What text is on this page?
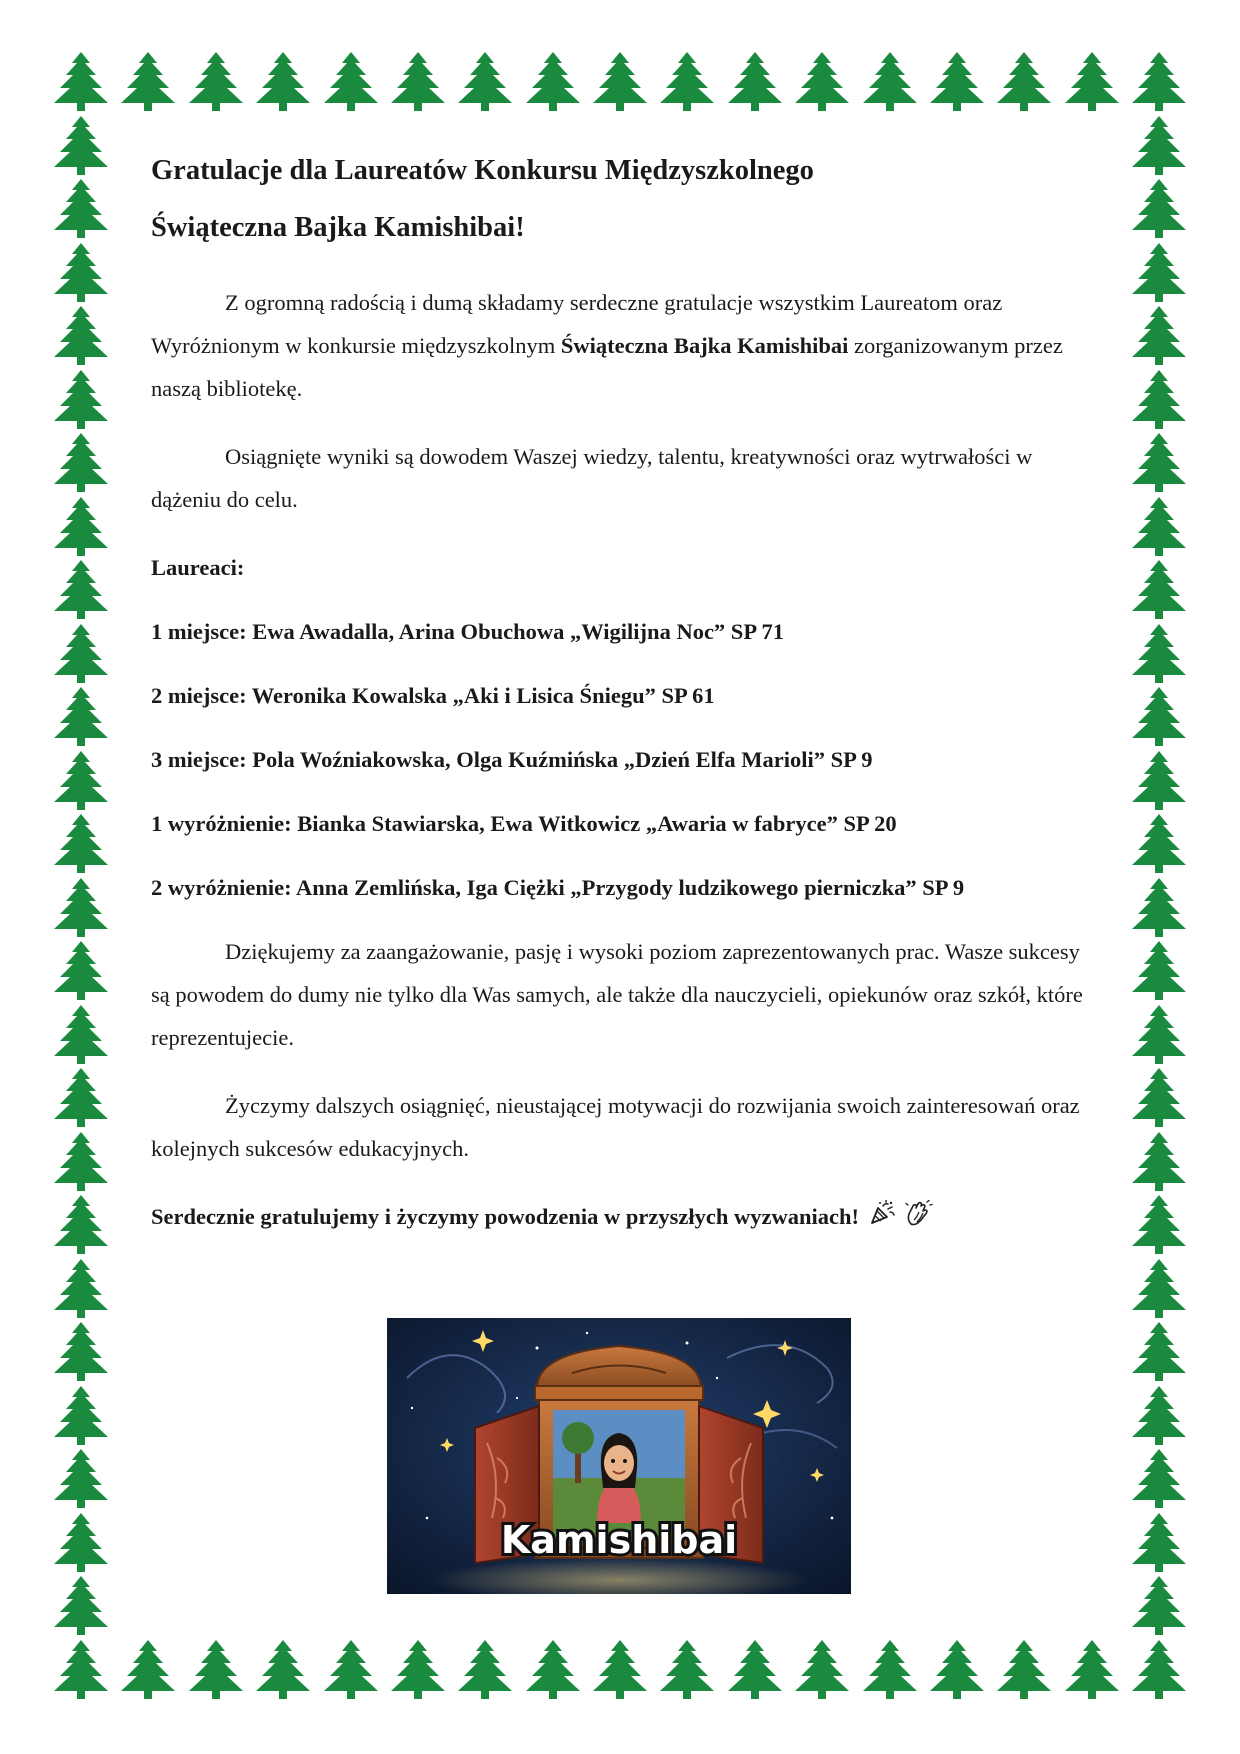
Gratulacje dla Laureatów Konkursu Międzyszkolnego
Świąteczna Bajka Kamishibai!

Z ogromną radością i dumą składamy serdeczne gratulacje wszystkim Laureatom oraz Wyróżnionym w konkursie międzyszkolnym Świąteczna Bajka Kamishibai zorganizowanym przez naszą bibliotekę.

Osiągnięte wyniki są dowodem Waszej wiedzy, talentu, kreatywności oraz wytrwałości w dążeniu do celu.

Laureaci:

1 miejsce: Ewa Awadalla, Arina Obuchowa „Wigilijna Noc” SP 71

2 miejsce: Weronika Kowalska „Aki i Lisica Śniegu” SP 61

3 miejsce: Pola Woźniakowska, Olga Kuźmińska „Dzień Elfa Marioli” SP 9

1 wyróżnienie: Bianka Stawiarska, Ewa Witkowicz „Awaria w fabryce” SP 20

2 wyróżnienie: Anna Zemlińska, Iga Ciężki „Przygody ludzikowego pierniczka” SP 9

Dziękujemy za zaangażowanie, pasję i wysoki poziom zaprezentowanych prac. Wasze sukcesy są powodem do dumy nie tylko dla Was samych, ale także dla nauczycieli, opiekunów oraz szkół, które reprezentujecie.

Życzymy dalszych osiągnięć, nieustającej motywacji do rozwijania swoich zainteresowań oraz kolejnych sukcesów edukacyjnych.

Serdecznie gratulujemy i życzymy powodzenia w przyszłych wyzwaniach!

Kamishibai
